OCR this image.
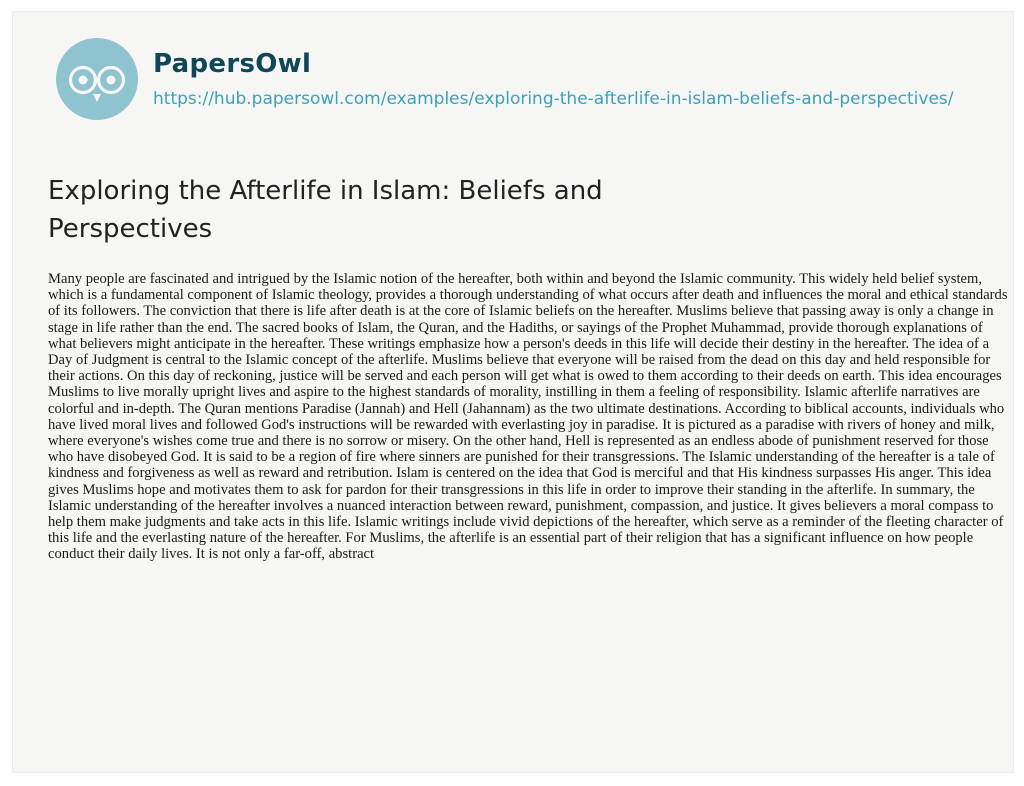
PapersOwl
https://hub.papersowl.com/examples/exploring-the-afterlife-in-islam-beliefs-and-perspectives/
Exploring the Afterlife in Islam: Beliefs and Perspectives

Many people are fascinated and intrigued by the Islamic notion of the hereafter, both within and beyond the Islamic community. This widely held belief system, which is a fundamental component of Islamic theology, provides a thorough understanding of what occurs after death and influences the moral and ethical standards of its followers. The conviction that there is life after death is at the core of Islamic beliefs on the hereafter. Muslims believe that passing away is only a change in stage in life rather than the end. The sacred books of Islam, the Quran, and the Hadiths, or sayings of the Prophet Muhammad, provide thorough explanations of what believers might anticipate in the hereafter. These writings emphasize how a person's deeds in this life will decide their destiny in the hereafter. The idea of a Day of Judgment is central to the Islamic concept of the afterlife. Muslims believe that everyone will be raised from the dead on this day and held responsible for their actions. On this day of reckoning, justice will be served and each person will get what is owed to them according to their deeds on earth. This idea encourages Muslims to live morally upright lives and aspire to the highest standards of morality, instilling in them a feeling of responsibility. Islamic afterlife narratives are colorful and in-depth. The Quran mentions Paradise (Jannah) and Hell (Jahannam) as the two ultimate destinations. According to biblical accounts, individuals who have lived moral lives and followed God's instructions will be rewarded with everlasting joy in paradise. It is pictured as a paradise with rivers of honey and milk, where everyone's wishes come true and there is no sorrow or misery. On the other hand, Hell is represented as an endless abode of punishment reserved for those who have disobeyed God. It is said to be a region of fire where sinners are punished for their transgressions. The Islamic understanding of the hereafter is a tale of kindness and forgiveness as well as reward and retribution. Islam is centered on the idea that God is merciful and that His kindness surpasses His anger. This idea gives Muslims hope and motivates them to ask for pardon for their transgressions in this life in order to improve their standing in the afterlife. In summary, the Islamic understanding of the hereafter involves a nuanced interaction between reward, punishment, compassion, and justice. It gives believers a moral compass to help them make judgments and take acts in this life. Islamic writings include vivid depictions of the hereafter, which serve as a reminder of the fleeting character of this life and the everlasting nature of the hereafter. For Muslims, the afterlife is an essential part of their religion that has a significant influence on how people conduct their daily lives. It is not only a far-off, abstract
